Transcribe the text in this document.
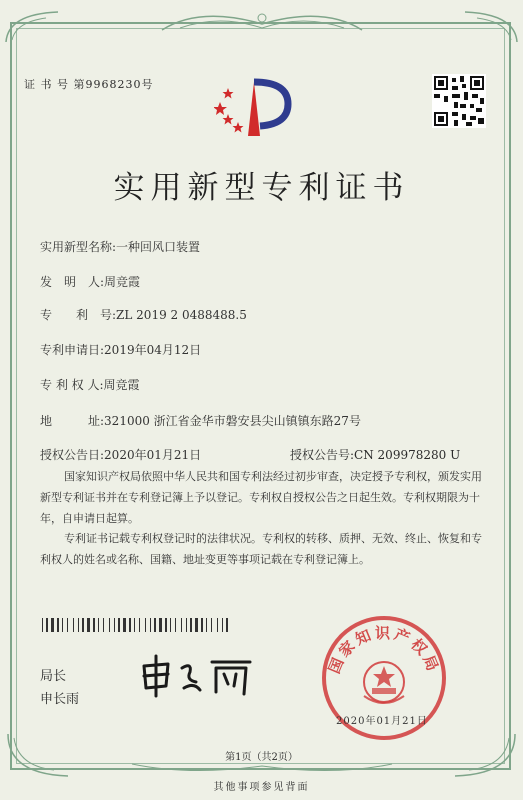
证 书 号 第9968230号
实用新型专利证书
实用新型名称:一种回风口装置
发　明　人:周竞霞
专　　利　号:ZL 2019 2 0488488.5
专利申请日:2019年04月12日
专 利 权 人:周竞霞
地　　　址:321000 浙江省金华市磐安县尖山镇镇东路27号
授权公告日:2020年01月21日	授权公告号:CN 209978280 U
国家知识产权局依照中华人民共和国专利法经过初步审查，决定授予专利权，颁发实用新型专利证书并在专利登记簿上予以登记。专利权自授权公告之日起生效。专利权期限为十年，自申请日起算。
专利证书记载专利权登记时的法律状况。专利权的转移、质押、无效、终止、恢复和专利权人的姓名或名称、国籍、地址变更等事项记载在专利登记簿上。
局长
申长雨
国家知识产权局
2020年01月21日
第1页（共2页）
其他事项参见背面
